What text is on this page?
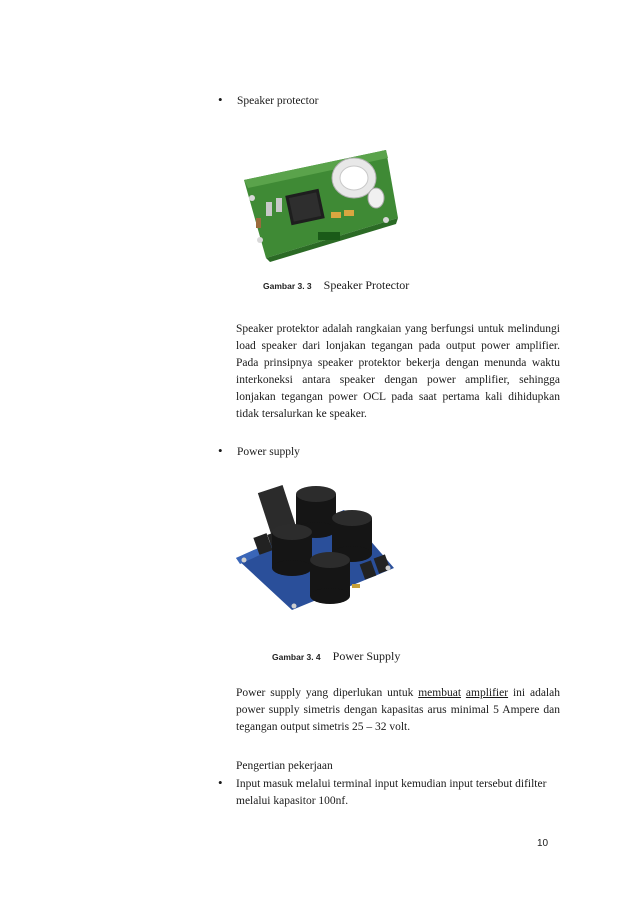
• Speaker protector
Gambar 3. 3 Speaker Protector
Speaker protektor adalah rangkaian yang berfungsi untuk melindungi load speaker dari lonjakan tegangan pada output power amplifier. Pada prinsipnya speaker protektor bekerja dengan menunda waktu interkoneksi antara speaker dengan power amplifier, sehingga lonjakan tegangan power OCL pada saat pertama kali dihidupkan tidak tersalurkan ke speaker.
• Power supply
Gambar 3. 4 Power Supply
Power supply yang diperlukan untuk membuat amplifier ini adalah power supply simetris dengan kapasitas arus minimal 5 Ampere dan tegangan output simetris 25 – 32 volt.
Pengertian pekerjaan
• Input masuk melalui terminal input kemudian input tersebut difilter melalui kapasitor 100nf.
10
